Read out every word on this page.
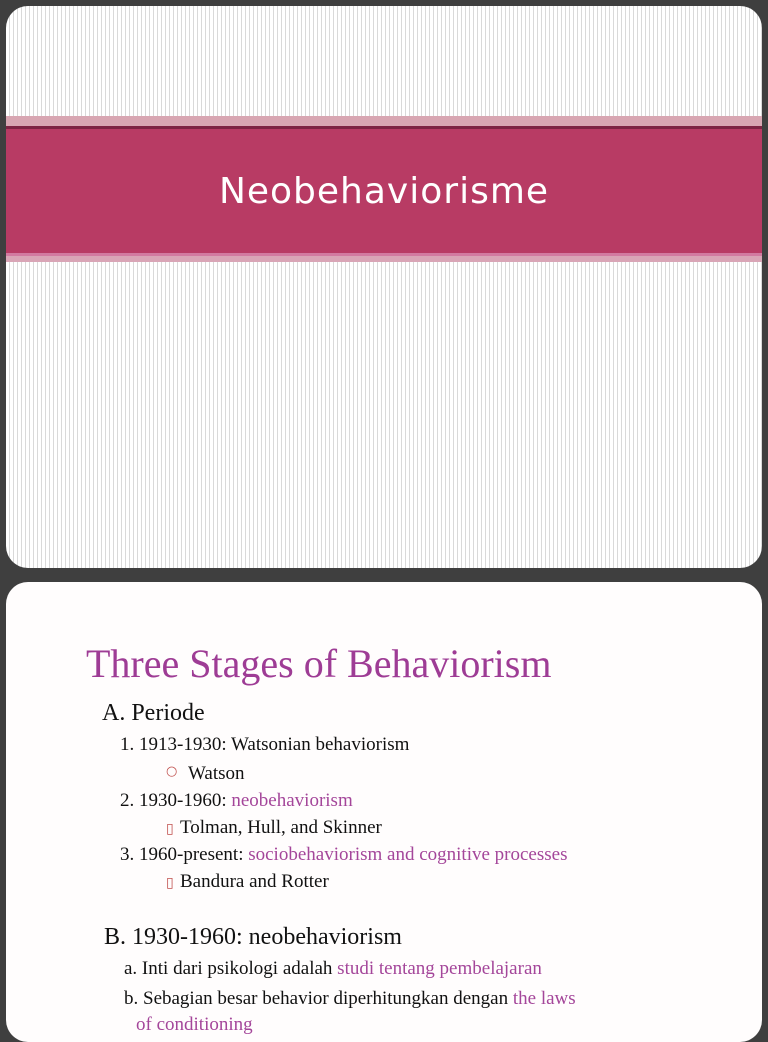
Neobehaviorisme
Three Stages of Behaviorism
A. Periode
1. 1913-1930: Watsonian behaviorism
○ Watson
2. 1930-1960: neobehaviorism
▯ Tolman, Hull, and Skinner
3. 1960-present: sociobehaviorism and cognitive processes
▯ Bandura and Rotter
B. 1930-1960: neobehaviorism
a. Inti dari psikologi adalah studi tentang pembelajaran
b. Sebagian besar behavior diperhitungkan dengan the laws
of conditioning
